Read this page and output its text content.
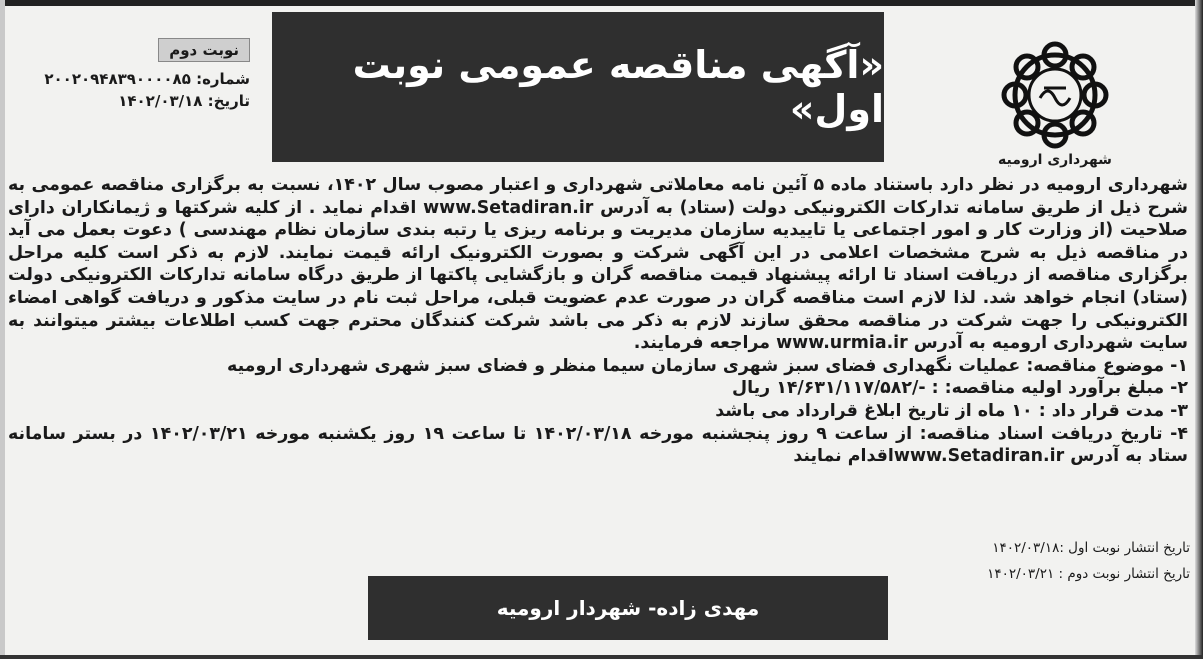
«آگهی مناقصه عمومی نوبت اول»
شهرداری ارومیه
نوبت دوم
شماره: ۲۰۰۲۰۹۴۸۳۹۰۰۰۰۸۵
تاریخ: ۱۴۰۲/۰۳/۱۸

شهرداری ارومیه در نظر دارد باستناد ماده ۵ آئین نامه معاملاتی شهرداری و اعتبار مصوب سال ۱۴۰۲، نسبت به برگزاری مناقصه عمومی به شرح ذیل از طریق سامانه تدارکات الکترونیکی دولت (ستاد) به آدرس www.Setadiran.ir اقدام نماید . از کلیه شرکتها و ژیمانکاران دارای صلاحیت (از وزارت کار و امور اجتماعی یا تاییدیه سازمان مدیریت و برنامه ریزی یا رتبه بندی سازمان نظام مهندسی ) دعوت بعمل می آید در مناقصه ذیل به شرح مشخصات اعلامی در این آگهی شرکت و بصورت الکترونیک ارائه قیمت نمایند. لازم به ذکر است کلیه مراحل برگزاری مناقصه از دریافت اسناد تا ارائه پیشنهاد قیمت مناقصه گران و بازگشایی پاکتها از طریق درگاه سامانه تدارکات الکترونیکی دولت (ستاد) انجام خواهد شد. لذا لازم است مناقصه گران در صورت عدم عضویت قبلی، مراحل ثبت نام در سایت مذکور و دریافت گواهی امضاء الکترونیکی را جهت شرکت در مناقصه محقق سازند لازم به ذکر می باشد شرکت کنندگان محترم جهت کسب اطلاعات بیشتر میتوانند به سایت شهرداری ارومیه به آدرس www.urmia.ir مراجعه فرمایند.

۱- موضوع مناقصه: عملیات نگهداری فضای سبز شهری سازمان سیما منظر و فضای سبز شهری شهرداری ارومیه

۲- مبلغ برآورد اولیه مناقصه: : -/۱۴/۶۳۱/۱۱۷/۵۸۲ ریال

۳- مدت قرار داد : ۱۰ ماه از تاریخ ابلاغ قرارداد می باشد

۴- تاریخ دریافت اسناد مناقصه: از ساعت ۹ روز پنجشنبه مورخه ۱۴۰۲/۰۳/۱۸ تا ساعت ۱۹ روز یکشنبه مورخه ۱۴۰۲/۰۳/۲۱ در بستر سامانه ستاد به آدرس www.Setadiran.irاقدام نمایند

تاریخ انتشار نوبت اول :۱۴۰۲/۰۳/۱۸
تاریخ انتشار نوبت دوم : ۱۴۰۲/۰۳/۲۱
مهدی زاده- شهردار ارومیه
